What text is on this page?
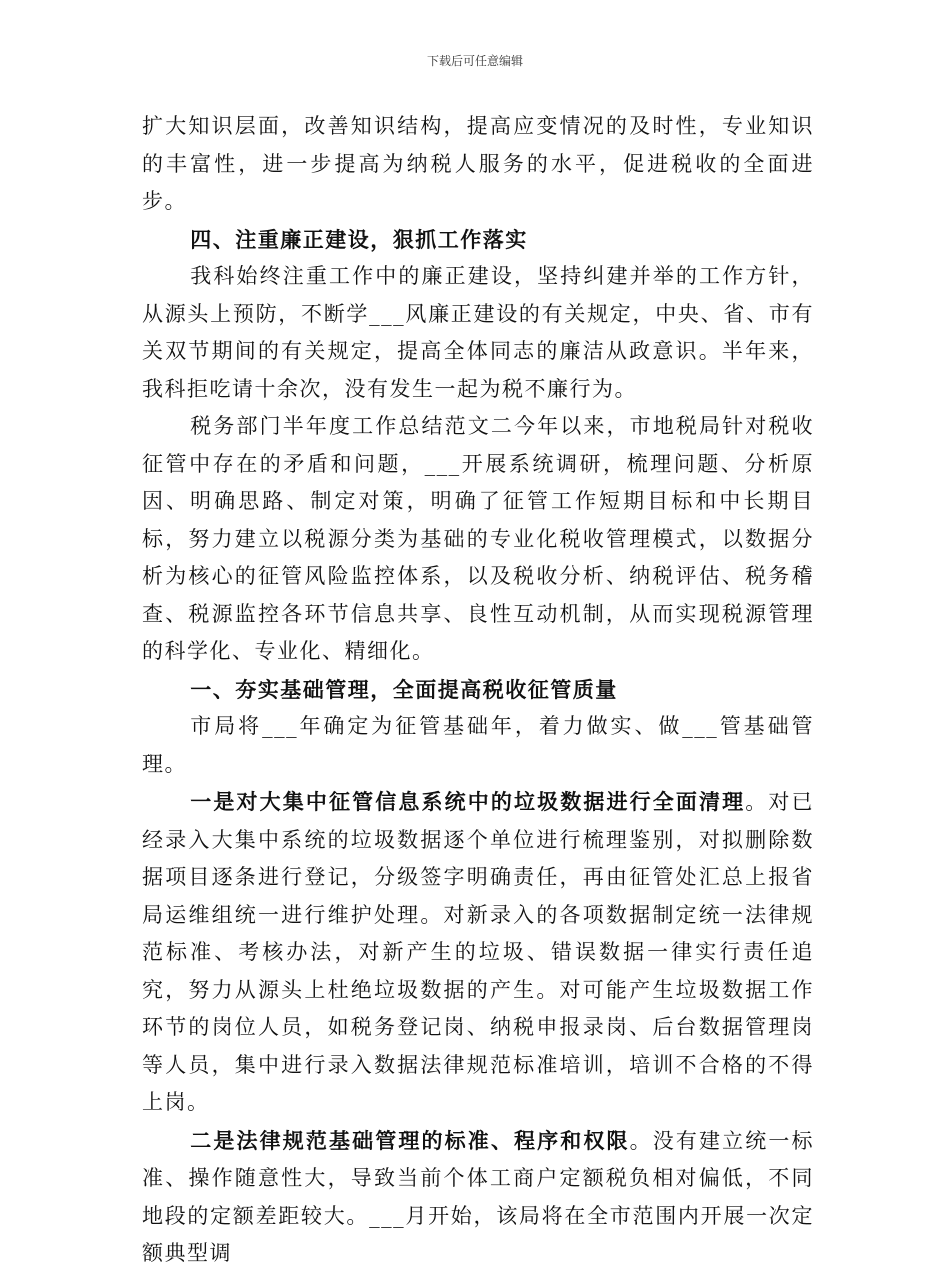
下载后可任意编辑

扩大知识层面，改善知识结构，提高应变情况的及时性，专业知识的丰富性，进一步提高为纳税人服务的水平，促进税收的全面进步。

四、注重廉正建设，狠抓工作落实

我科始终注重工作中的廉正建设，坚持纠建并举的工作方针，从源头上预防，不断学___风廉正建设的有关规定，中央、省、市有关双节期间的有关规定，提高全体同志的廉洁从政意识。半年来，我科拒吃请十余次，没有发生一起为税不廉行为。

税务部门半年度工作总结范文二今年以来，市地税局针对税收征管中存在的矛盾和问题，___开展系统调研，梳理问题、分析原因、明确思路、制定对策，明确了征管工作短期目标和中长期目标，努力建立以税源分类为基础的专业化税收管理模式，以数据分析为核心的征管风险监控体系，以及税收分析、纳税评估、税务稽查、税源监控各环节信息共享、良性互动机制，从而实现税源管理的科学化、专业化、精细化。

一、夯实基础管理，全面提高税收征管质量

市局将___年确定为征管基础年，着力做实、做___管基础管理。

一是对大集中征管信息系统中的垃圾数据进行全面清理。对已经录入大集中系统的垃圾数据逐个单位进行梳理鉴别，对拟删除数据项目逐条进行登记，分级签字明确责任，再由征管处汇总上报省局运维组统一进行维护处理。对新录入的各项数据制定统一法律规范标准、考核办法，对新产生的垃圾、错误数据一律实行责任追究，努力从源头上杜绝垃圾数据的产生。对可能产生垃圾数据工作环节的岗位人员，如税务登记岗、纳税申报录岗、后台数据管理岗等人员，集中进行录入数据法律规范标准培训，培训不合格的不得上岗。

二是法律规范基础管理的标准、程序和权限。没有建立统一标准、操作随意性大，导致当前个体工商户定额税负相对偏低，不同地段的定额差距较大。___月开始，该局将在全市范围内开展一次定额典型调
